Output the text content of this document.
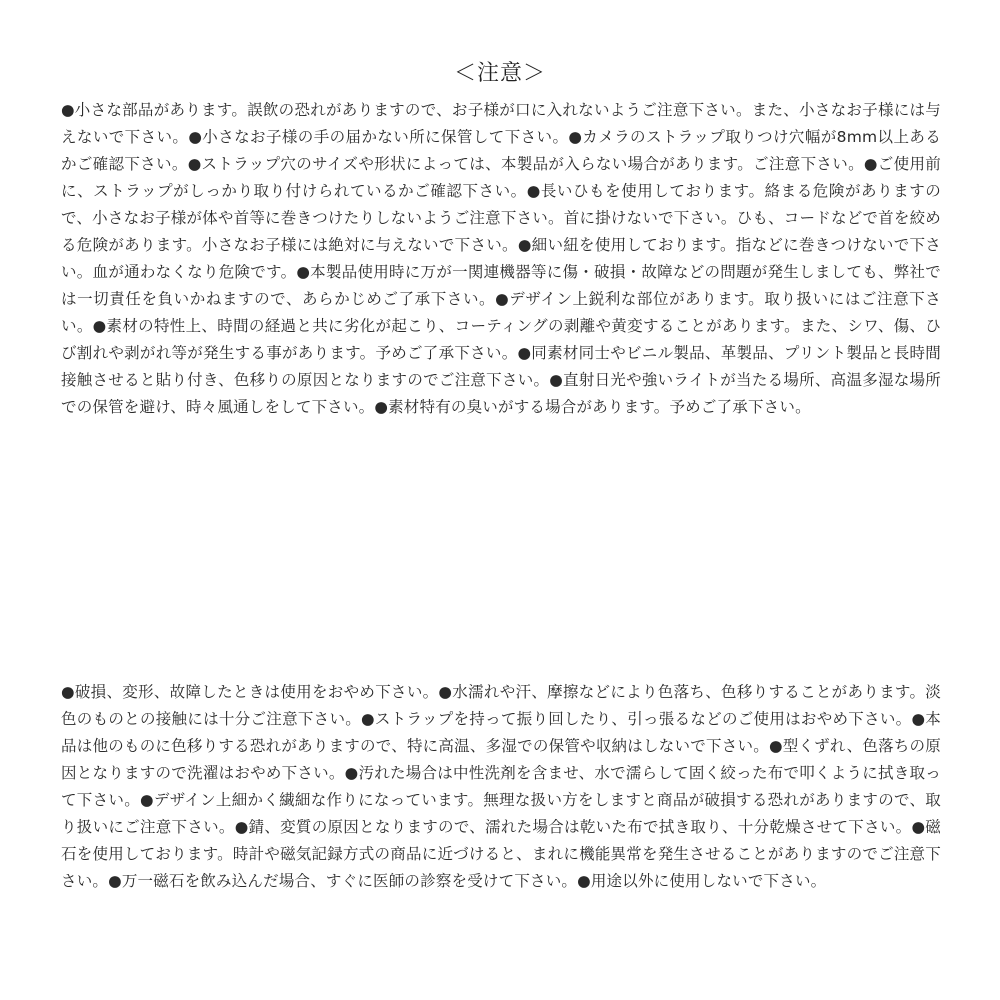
＜注意＞
●小さな部品があります。誤飲の恐れがありますので、お子様が口に入れないようご注意下さい。また、小さなお子様には与えないで下さい。●小さなお子様の手の届かない所に保管して下さい。●カメラのストラップ取りつけ穴幅が8mm以上あるかご確認下さい。●ストラップ穴のサイズや形状によっては、本製品が入らない場合があります。ご注意下さい。●ご使用前に、ストラップがしっかり取り付けられているかご確認下さい。●長いひもを使用しております。絡まる危険がありますので、小さなお子様が体や首等に巻きつけたりしないようご注意下さい。首に掛けないで下さい。ひも、コードなどで首を絞める危険があります。小さなお子様には絶対に与えないで下さい。●細い紐を使用しております。指などに巻きつけないで下さい。血が通わなくなり危険です。●本製品使用時に万が一関連機器等に傷・破損・故障などの問題が発生しましても、弊社では一切責任を負いかねますので、あらかじめご了承下さい。●デザイン上鋭利な部位があります。取り扱いにはご注意下さい。●素材の特性上、時間の経過と共に劣化が起こり、コーティングの剥離や黄変することがあります。また、シワ、傷、ひび割れや剥がれ等が発生する事があります。予めご了承下さい。●同素材同士やビニル製品、革製品、プリント製品と長時間接触させると貼り付き、色移りの原因となりますのでご注意下さい。●直射日光や強いライトが当たる場所、高温多湿な場所での保管を避け、時々風通しをして下さい。●素材特有の臭いがする場合があります。予めご了承下さい。
●破損、変形、故障したときは使用をおやめ下さい。●水濡れや汗、摩擦などにより色落ち、色移りすることがあります。淡色のものとの接触には十分ご注意下さい。●ストラップを持って振り回したり、引っ張るなどのご使用はおやめ下さい。●本品は他のものに色移りする恐れがありますので、特に高温、多湿での保管や収納はしないで下さい。●型くずれ、色落ちの原因となりますので洗濯はおやめ下さい。●汚れた場合は中性洗剤を含ませ、水で濡らして固く絞った布で叩くように拭き取って下さい。●デザイン上細かく繊細な作りになっています。無理な扱い方をしますと商品が破損する恐れがありますので、取り扱いにご注意下さい。●錆、変質の原因となりますので、濡れた場合は乾いた布で拭き取り、十分乾燥させて下さい。●磁石を使用しております。時計や磁気記録方式の商品に近づけると、まれに機能異常を発生させることがありますのでご注意下さい。●万一磁石を飲み込んだ場合、すぐに医師の診察を受けて下さい。●用途以外に使用しないで下さい。
